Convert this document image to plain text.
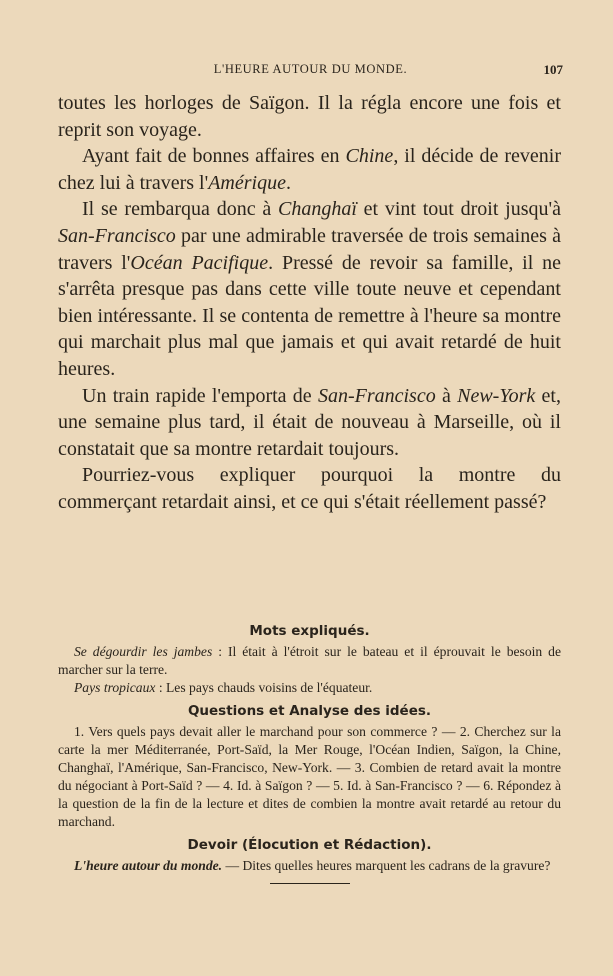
L'HEURE AUTOUR DU MONDE.	107

toutes les horloges de Saïgon. Il la régla encore une fois et reprit son voyage.

Ayant fait de bonnes affaires en Chine, il décide de revenir chez lui à travers l'Amérique.

Il se rembarqua donc à Changhaï et vint tout droit jusqu'à San-Francisco par une admirable traversée de trois semaines à travers l'Océan Pacifique. Pressé de revoir sa famille, il ne s'arrêta presque pas dans cette ville toute neuve et cependant bien intéressante. Il se contenta de remettre à l'heure sa montre qui marchait plus mal que jamais et qui avait retardé de huit heures.

Un train rapide l'emporta de San-Francisco à New-York et, une semaine plus tard, il était de nouveau à Marseille, où il constatait que sa montre retardait toujours.

Pourriez-vous expliquer pourquoi la montre du commerçant retardait ainsi, et ce qui s'était réellement passé?

Mots expliqués.

Se dégourdir les jambes : Il était à l'étroit sur le bateau et il éprouvait le besoin de marcher sur la terre.

Pays tropicaux : Les pays chauds voisins de l'équateur.

Questions et Analyse des idées.

1. Vers quels pays devait aller le marchand pour son commerce ? — 2. Cherchez sur la carte la mer Méditerranée, Port-Saïd, la Mer Rouge, l'Océan Indien, Saïgon, la Chine, Changhaï, l'Amérique, San-Francisco, New-York. — 3. Combien de retard avait la montre du négociant à Port-Saïd ? — 4. Id. à Saïgon ? — 5. Id. à San-Francisco ? — 6. Répondez à la question de la fin de la lecture et dites de combien la montre avait retardé au retour du marchand.

Devoir (Élocution et Rédaction).

L'heure autour du monde. — Dites quelles heures marquent les cadrans de la gravure?
